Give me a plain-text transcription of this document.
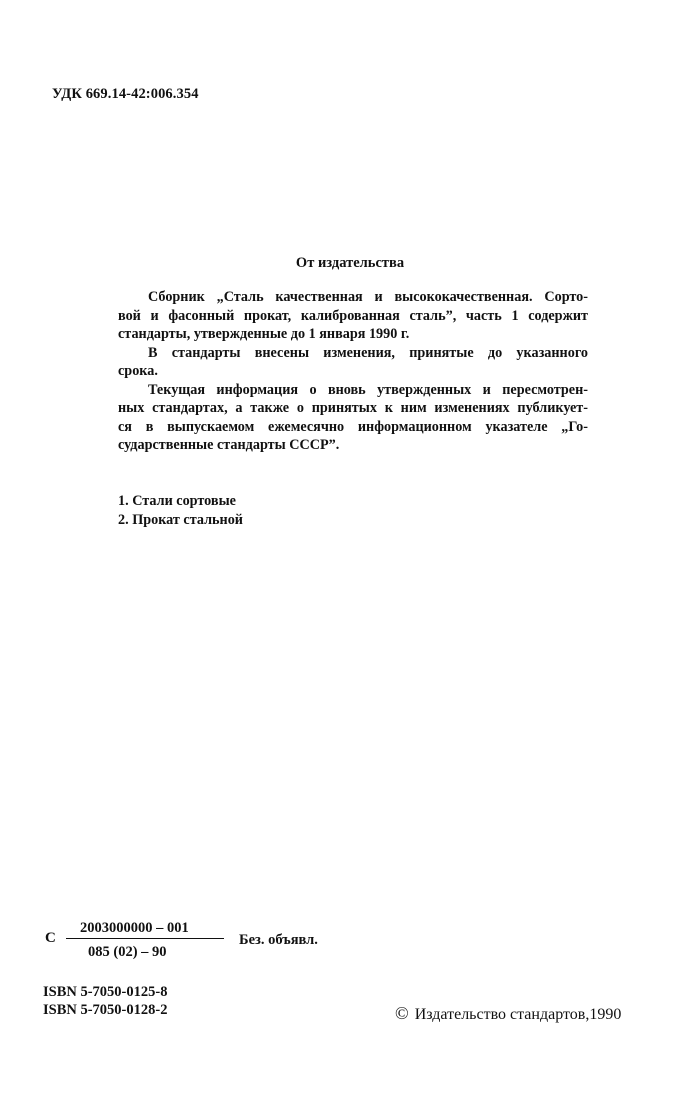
УДК 669.14-42:006.354
От издательства
Сборник „Сталь качественная и высококачественная. Сорто-
вой и фасонный прокат, калиброванная сталь”, часть 1 содержит
стандарты, утвержденные до 1 января 1990 г.
В стандарты внесены изменения, принятые до указанного
срока.
Текущая информация о вновь утвержденных и пересмотрен-
ных стандартах, а также о принятых к ним изменениях публикует-
ся в выпускаемом ежемесячно информационном указателе „Го-
сударственные стандарты СССР”.
1. Стали сортовые
2. Прокат стальной
С
2003000000 – 001
085 (02) – 90
Без. объявл.
ISBN 5-7050-0125-8
ISBN 5-7050-0128-2	© Издательство стандартов,1990
